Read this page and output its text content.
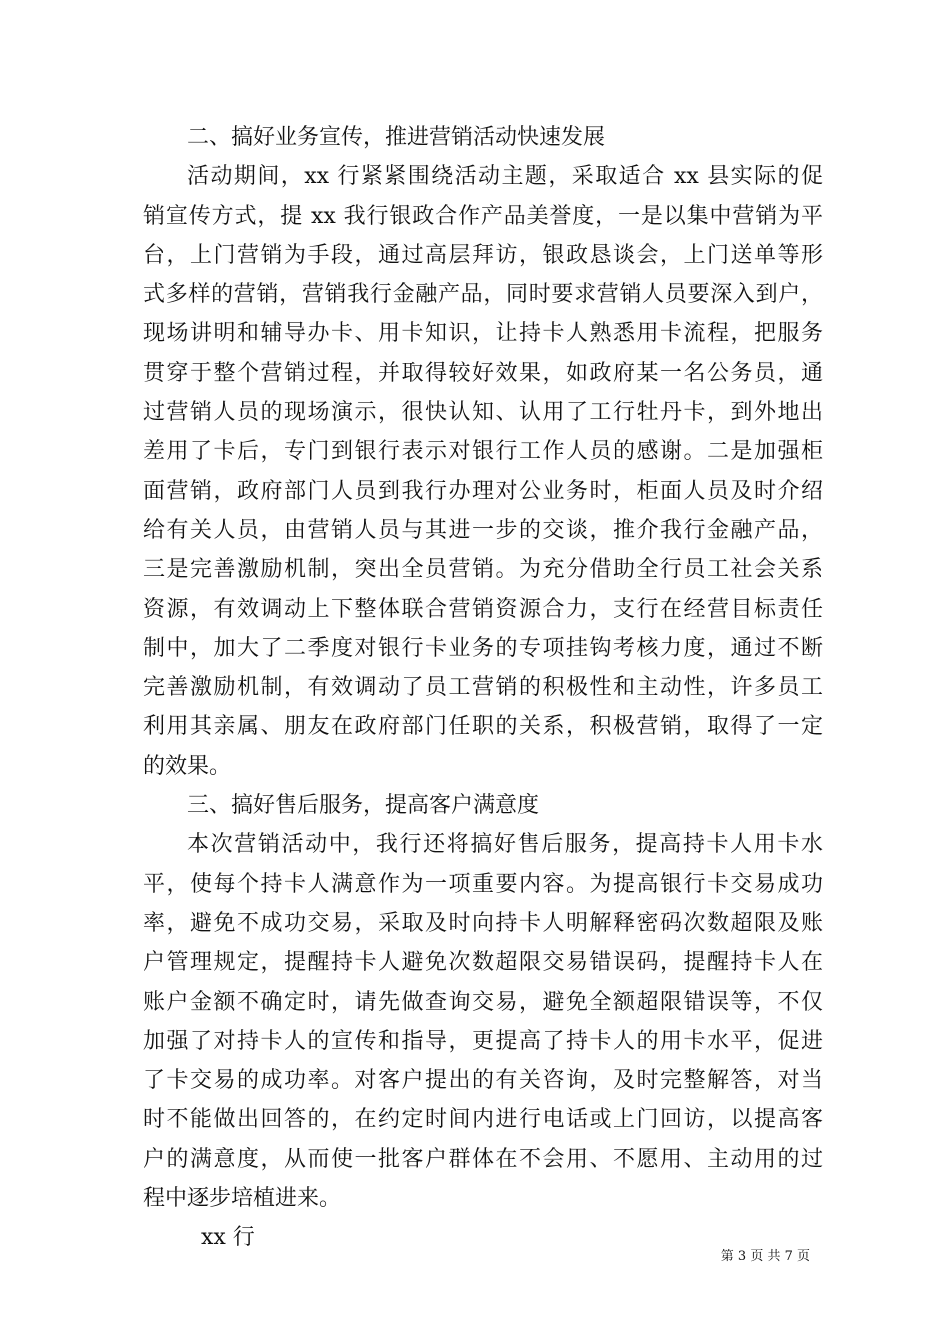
二、搞好业务宣传，推进营销活动快速发展
活动期间，xx 行紧紧围绕活动主题，采取适合 xx 县实际的促
销宣传方式，提 xx 我行银政合作产品美誉度，一是以集中营销为平
台，上门营销为手段，通过高层拜访，银政恳谈会，上门送单等形
式多样的营销，营销我行金融产品，同时要求营销人员要深入到户，
现场讲明和辅导办卡、用卡知识，让持卡人熟悉用卡流程，把服务
贯穿于整个营销过程，并取得较好效果，如政府某一名公务员，通
过营销人员的现场演示，很快认知、认用了工行牡丹卡，到外地出
差用了卡后，专门到银行表示对银行工作人员的感谢。二是加强柜
面营销，政府部门人员到我行办理对公业务时，柜面人员及时介绍
给有关人员，由营销人员与其进一步的交谈，推介我行金融产品，
三是完善激励机制，突出全员营销。为充分借助全行员工社会关系
资源，有效调动上下整体联合营销资源合力，支行在经营目标责任
制中，加大了二季度对银行卡业务的专项挂钩考核力度，通过不断
完善激励机制，有效调动了员工营销的积极性和主动性，许多员工
利用其亲属、朋友在政府部门任职的关系，积极营销，取得了一定
的效果。
三、搞好售后服务，提高客户满意度
本次营销活动中，我行还将搞好售后服务，提高持卡人用卡水
平，使每个持卡人满意作为一项重要内容。为提高银行卡交易成功
率，避免不成功交易，采取及时向持卡人明解释密码次数超限及账
户管理规定，提醒持卡人避免次数超限交易错误码，提醒持卡人在
账户金额不确定时，请先做查询交易，避免全额超限错误等，不仅
加强了对持卡人的宣传和指导，更提高了持卡人的用卡水平，促进
了卡交易的成功率。对客户提出的有关咨询，及时完整解答，对当
时不能做出回答的，在约定时间内进行电话或上门回访，以提高客
户的满意度，从而使一批客户群体在不会用、不愿用、主动用的过
程中逐步培植进来。
xx 行
第 3 页 共 7 页
